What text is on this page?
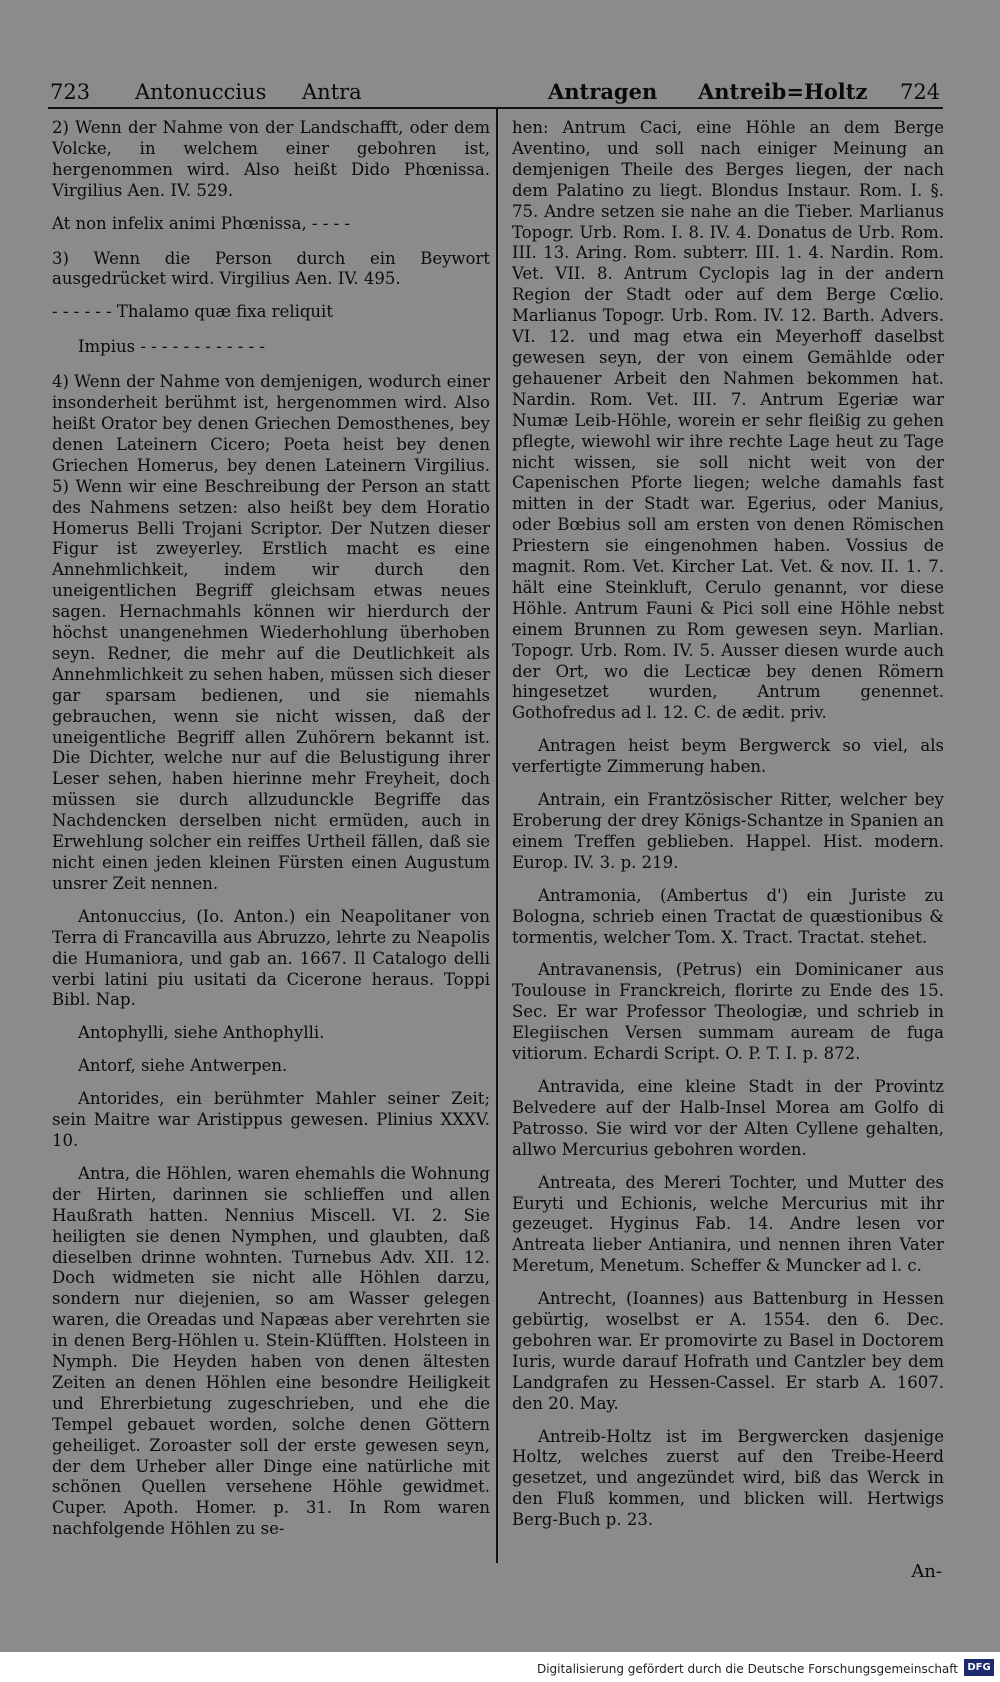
723 Antonuccius Antra	Antragen Antreib=Holtz 724

2) Wenn der Nahme von der Landschafft, oder dem Volcke, in welchem einer gebohren ist, hergenommen wird. Also heißt Dido Phœnissa. Virgilius Aen. IV. 529.

At non infelix animi Phœnissa, - - - -

3) Wenn die Person durch ein Beywort ausgedrücket wird. Virgilius Aen. IV. 495.

- - - - - - Thalamo quæ fixa reliquit

Impius - - - - - - - - - - - -

4) Wenn der Nahme von demjenigen, wodurch einer insonderheit berühmt ist, hergenommen wird. Also heißt Orator bey denen Griechen Demosthenes, bey denen Lateinern Cicero; Poeta heist bey denen Griechen Homerus, bey denen Lateinern Virgilius. 5) Wenn wir eine Beschreibung der Person an statt des Nahmens setzen: also heißt bey dem Horatio Homerus Belli Trojani Scriptor. Der Nutzen dieser Figur ist zweyerley. Erstlich macht es eine Annehmlichkeit, indem wir durch den uneigentlichen Begriff gleichsam etwas neues sagen. Hernachmahls können wir hierdurch der höchst unangenehmen Wiederhohlung überhoben seyn. Redner, die mehr auf die Deutlichkeit als Annehmlichkeit zu sehen haben, müssen sich dieser gar sparsam bedienen, und sie niemahls gebrauchen, wenn sie nicht wissen, daß der uneigentliche Begriff allen Zuhörern bekannt ist. Die Dichter, welche nur auf die Belustigung ihrer Leser sehen, haben hierinne mehr Freyheit, doch müssen sie durch allzudunckle Begriffe das Nachdencken derselben nicht ermüden, auch in Erwehlung solcher ein reiffes Urtheil fällen, daß sie nicht einen jeden kleinen Fürsten einen Augustum unsrer Zeit nennen.

Antonuccius, (Io. Anton.) ein Neapolitaner von Terra di Francavilla aus Abruzzo, lehrte zu Neapolis die Humaniora, und gab an. 1667. Il Catalogo delli verbi latini piu usitati da Cicerone heraus. Toppi Bibl. Nap.

Antophylli, siehe Anthophylli.

Antorf, siehe Antwerpen.

Antorides, ein berühmter Mahler seiner Zeit; sein Maitre war Aristippus gewesen. Plinius XXXV. 10.

Antra, die Höhlen, waren ehemahls die Wohnung der Hirten, darinnen sie schlieffen und allen Haußrath hatten. Nennius Miscell. VI. 2. Sie heiligten sie denen Nymphen, und glaubten, daß dieselben drinne wohnten. Turnebus Adv. XII. 12. Doch widmeten sie nicht alle Höhlen darzu, sondern nur diejenien, so am Wasser gelegen waren, die Oreadas und Napæas aber verehrten sie in denen Berg-Höhlen u. Stein-Klüfften. Holsteen in Nymph. Die Heyden haben von denen ältesten Zeiten an denen Höhlen eine besondre Heiligkeit und Ehrerbietung zugeschrieben, und ehe die Tempel gebauet worden, solche denen Göttern geheiliget. Zoroaster soll der erste gewesen seyn, der dem Urheber aller Dinge eine natürliche mit schönen Quellen versehene Höhle gewidmet. Cuper. Apoth. Homer. p. 31. In Rom waren nachfolgende Höhlen zu se-

hen: Antrum Caci, eine Höhle an dem Berge Aventino, und soll nach einiger Meinung an demjenigen Theile des Berges liegen, der nach dem Palatino zu liegt. Blondus Instaur. Rom. I. §. 75. Andre setzen sie nahe an die Tieber. Marlianus Topogr. Urb. Rom. I. 8. IV. 4. Donatus de Urb. Rom. III. 13. Aring. Rom. subterr. III. 1. 4. Nardin. Rom. Vet. VII. 8. Antrum Cyclopis lag in der andern Region der Stadt oder auf dem Berge Cœlio. Marlianus Topogr. Urb. Rom. IV. 12. Barth. Advers. VI. 12. und mag etwa ein Meyerhoff daselbst gewesen seyn, der von einem Gemählde oder gehauener Arbeit den Nahmen bekommen hat. Nardin. Rom. Vet. III. 7. Antrum Egeriæ war Numæ Leib-Höhle, worein er sehr fleißig zu gehen pflegte, wiewohl wir ihre rechte Lage heut zu Tage nicht wissen, sie soll nicht weit von der Capenischen Pforte liegen; welche damahls fast mitten in der Stadt war. Egerius, oder Manius, oder Bœbius soll am ersten von denen Römischen Priestern sie eingenohmen haben. Vossius de magnit. Rom. Vet. Kircher Lat. Vet. & nov. II. 1. 7. hält eine Steinkluft, Cerulo genannt, vor diese Höhle. Antrum Fauni & Pici soll eine Höhle nebst einem Brunnen zu Rom gewesen seyn. Marlian. Topogr. Urb. Rom. IV. 5. Ausser diesen wurde auch der Ort, wo die Lecticæ bey denen Römern hingesetzet wurden, Antrum genennet. Gothofredus ad l. 12. C. de ædit. priv.

Antragen heist beym Bergwerck so viel, als verfertigte Zimmerung haben.

Antrain, ein Frantzösischer Ritter, welcher bey Eroberung der drey Königs-Schantze in Spanien an einem Treffen geblieben. Happel. Hist. modern. Europ. IV. 3. p. 219.

Antramonia, (Ambertus d') ein Juriste zu Bologna, schrieb einen Tractat de quæstionibus & tormentis, welcher Tom. X. Tract. Tractat. stehet.

Antravanensis, (Petrus) ein Dominicaner aus Toulouse in Franckreich, florirte zu Ende des 15. Sec. Er war Professor Theologiæ, und schrieb in Elegiischen Versen summam auream de fuga vitiorum. Echardi Script. O. P. T. I. p. 872.

Antravida, eine kleine Stadt in der Provintz Belvedere auf der Halb-Insel Morea am Golfo di Patrosso. Sie wird vor der Alten Cyllene gehalten, allwo Mercurius gebohren worden.

Antreata, des Mereri Tochter, und Mutter des Euryti und Echionis, welche Mercurius mit ihr gezeuget. Hyginus Fab. 14. Andre lesen vor Antreata lieber Antianira, und nennen ihren Vater Meretum, Menetum. Scheffer & Muncker ad l. c.

Antrecht, (Ioannes) aus Battenburg in Hessen gebürtig, woselbst er A. 1554. den 6. Dec. gebohren war. Er promovirte zu Basel in Doctorem Iuris, wurde darauf Hofrath und Cantzler bey dem Landgrafen zu Hessen-Cassel. Er starb A. 1607. den 20. May.

Antreib-Holtz ist im Bergwercken dasjenige Holtz, welches zuerst auf den Treibe-Heerd gesetzet, und angezündet wird, biß das Werck in den Fluß kommen, und blicken will. Hertwigs Berg-Buch p. 23.

An-
Digitalisierung gefördert durch die Deutsche Forschungsgemeinschaft DFG
